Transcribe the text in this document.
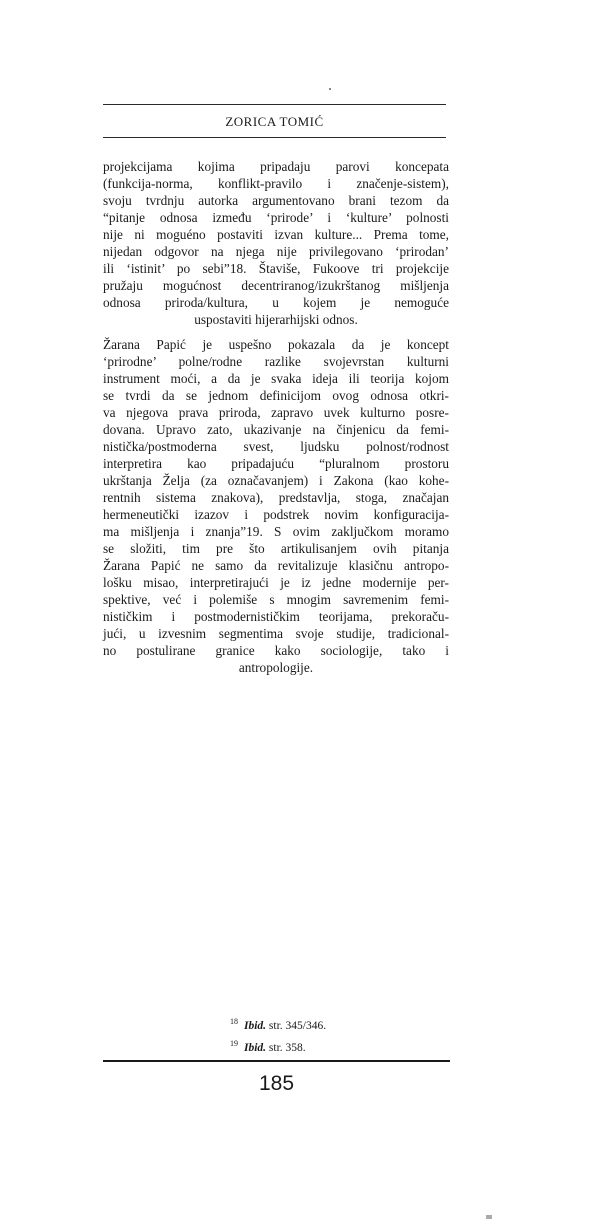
ZORICA TOMIĆ
projekcijama kojima pripadaju parovi koncepata
(funkcija-norma, konflikt-pravilo i značenje-sistem),
svoju tvrdnju autorka argumentovano brani tezom da
“pitanje odnosa između ‘prirode’ i ‘kulture’ polnosti
nije ni moguéno postaviti izvan kulture... Prema tome,
nijedan odgovor na njega nije privilegovano ‘prirodan’
ili ‘istinit’ po sebi”18. Štaviše, Fukoove tri projekcije
pružaju mogućnost decentriranog/izukrštanog mišljenja
odnosa priroda/kultura, u kojem je nemoguće
uspostaviti hijerarhijski odnos.
Žarana Papić je uspešno pokazala da je koncept
‘prirodne’ polne/rodne razlike svojevrstan kulturni
instrument moći, a da je svaka ideja ili teorija kojom
se tvrdi da se jednom definicijom ovog odnosa otkri-
va njegova prava priroda, zapravo uvek kulturno posre-
dovana. Upravo zato, ukazivanje na činjenicu da femi-
nistička/postmoderna svest, ljudsku polnost/rodnost
interpretira kao pripadajuću “pluralnom prostoru
ukrštanja Želja (za označavanjem) i Zakona (kao kohe-
rentnih sistema znakova), predstavlja, stoga, značajan
hermeneutički izazov i podstrek novim konfiguracija-
ma mišljenja i znanja”19. S ovim zaključkom moramo
se složiti, tim pre što artikulisanjem ovih pitanja
Žarana Papić ne samo da revitalizuje klasičnu antropo-
lošku misao, interpretirajući je iz jedne modernije per-
spektive, već i polemiše s mnogim savremenim femi-
nističkim i postmodernističkim teorijama, prekoraču-
jući, u izvesnim segmentima svoje studije, tradicional-
no postulirane granice kako sociologije, tako i
antropologije.
$^{18}$ Ibid. str. 345/346.
$^{19}$ Ibid. str. 358.
185
